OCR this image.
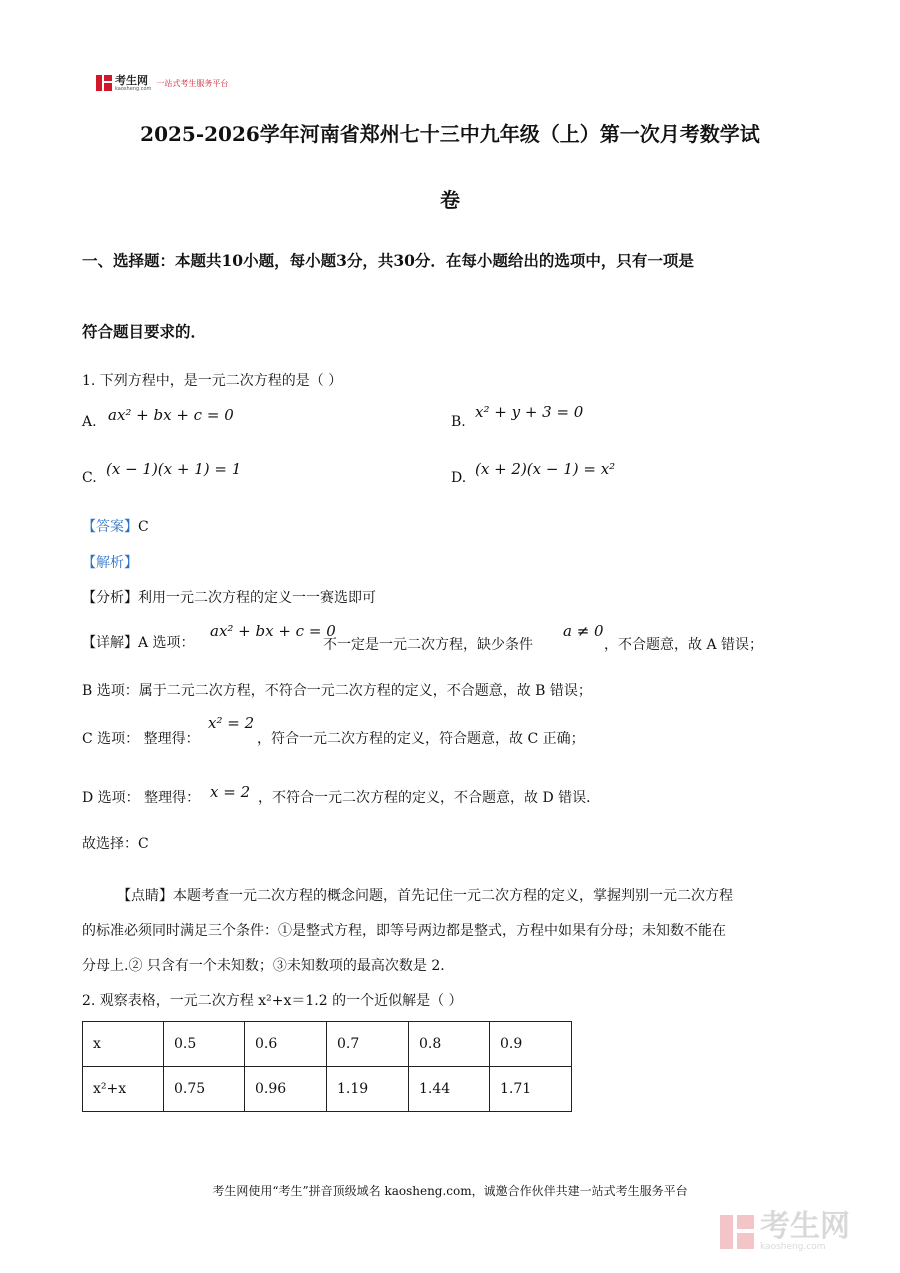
考生网
kaosheng.com
一站式考生服务平台
2025-2026学年河南省郑州七十三中九年级（上）第一次月考数学试
卷
一、选择题：本题共10小题，每小题3分，共30分．在每小题给出的选项中，只有一项是
符合题目要求的．
1. 下列方程中，是一元二次方程的是（ ）
A. ax² + bx + c = 0	B.
x² + y + 3 = 0
C. (x − 1)(x + 1) = 1	D. (x + 2)(x − 1) = x²
【答案】C
【解析】
【分析】利用一元二次方程的定义一一赛选即可
【详解】A 选项：
ax² + bx + c = 0
不一定是一元二次方程，缺少条件
a ≠ 0
，不合题意，故 A 错误；
B 选项：属于二元二次方程，不符合一元二次方程的定义，不合题意，故 B 错误；
C 选项： 整理得：
x² = 2
，符合一元二次方程的定义，符合题意，故 C 正确；
D 选项： 整理得： x = 2 ，不符合一元二次方程的定义，不合题意，故 D 错误．
故选择：C
【点睛】本题考查一元二次方程的概念问题，首先记住一元二次方程的定义，掌握判别一元二次方程
的标准必须同时满足三个条件：①是整式方程，即等号两边都是整式，方程中如果有分母；未知数不能在
分母上.② 只含有一个未知数；③未知数项的最高次数是 2.
2. 观察表格，一元二次方程 x²+x＝1.2 的一个近似解是（ ）
x	0.5	0.6	0.7	0.8	0.9
x²+x	0.75	0.96	1.19	1.44	1.71
考生网使用“考生”拼音顶级域名 kaosheng.com，诚邀合作伙伴共建一站式考生服务平台
考生网
kaosheng.com
